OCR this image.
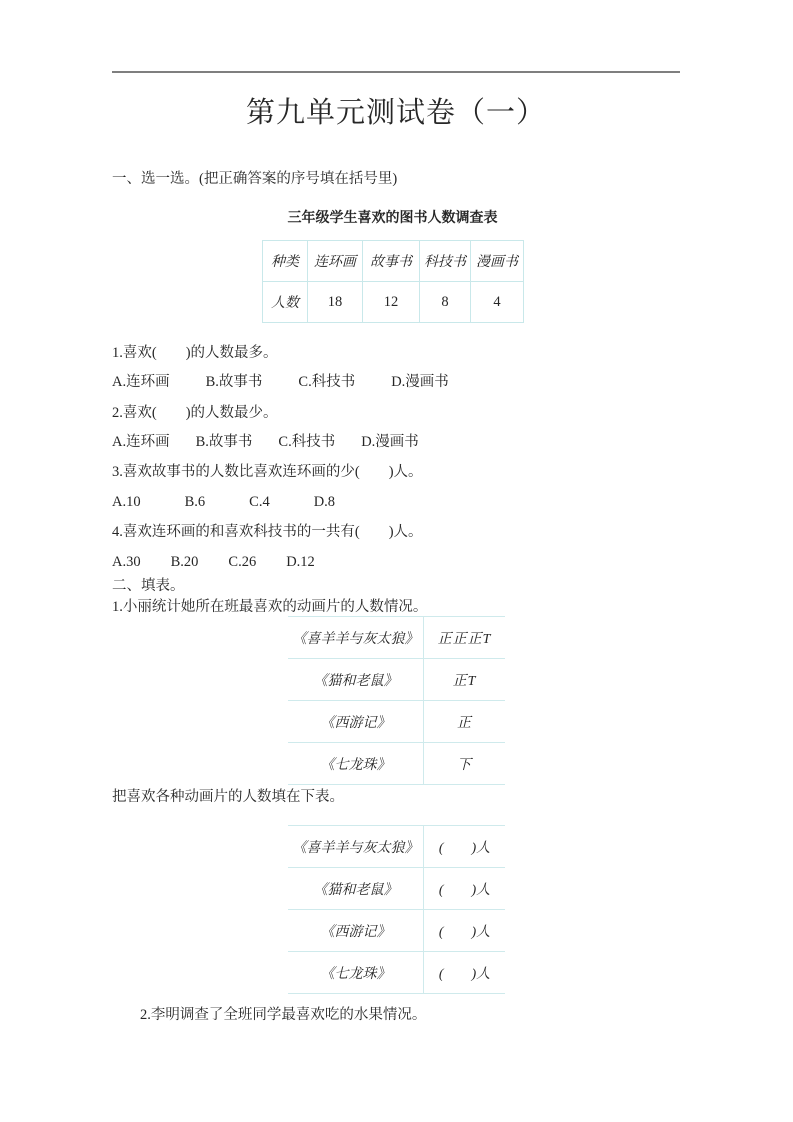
第九单元测试卷（一）
一、选一选。(把正确答案的序号填在括号里)
三年级学生喜欢的图书人数调查表
种类	连环画	故事书	科技书	漫画书
人数	18	12	8	4
1.喜欢(　　)的人数最多。
A.连环画 B.故事书 C.科技书 D.漫画书
2.喜欢(　　)的人数最少。
A.连环画 B.故事书 C.科技书 D.漫画书
3.喜欢故事书的人数比喜欢连环画的少(　　)人。
A.10	B.6	C.4	D.8
4.喜欢连环画的和喜欢科技书的一共有(　　)人。
A.30 B.20 C.26 D.12
二、填表。
1.小丽统计她所在班最喜欢的动画片的人数情况。
《喜羊羊与灰太狼》	正正正T
《猫和老鼠》	正T
《西游记》	正
《七龙珠》	下
把喜欢各种动画片的人数填在下表。
《喜羊羊与灰太狼》	(　　)人
《猫和老鼠》	(　　)人
《西游记》	(　　)人
《七龙珠》	(　　)人
2.李明调查了全班同学最喜欢吃的水果情况。
